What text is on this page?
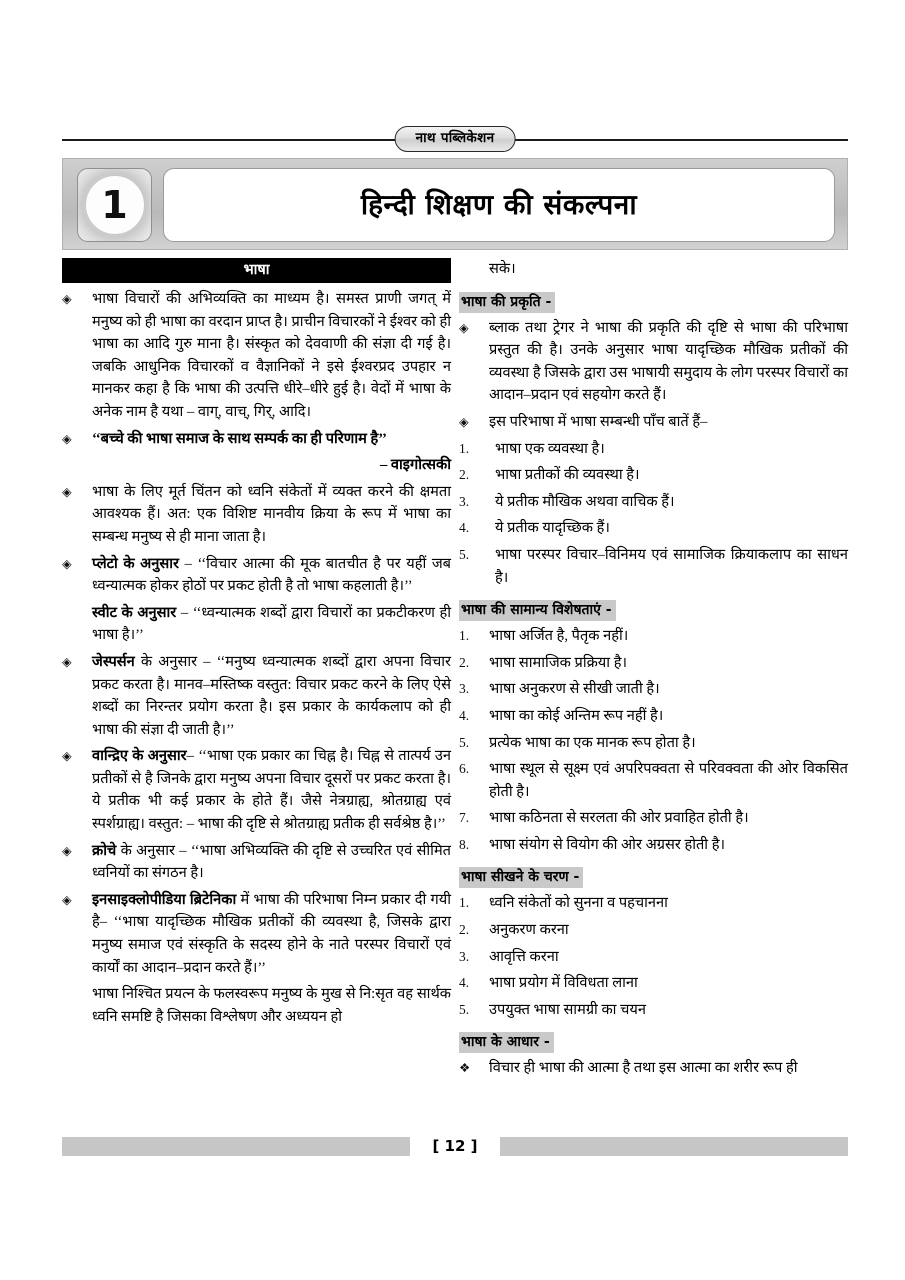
नाथ पब्लिकेशन
1	हिन्दी शिक्षण की संकल्पना
भाषा
◈	भाषा विचारों की अभिव्यक्ति का माध्यम है। समस्त प्राणी जगत् में मनुष्य को ही भाषा का वरदान प्राप्त है। प्राचीन विचारकों ने ईश्वर को ही भाषा का आदि गुरु माना है। संस्कृत को देववाणी की संज्ञा दी गई है। जबकि आधुनिक विचारकों व वैज्ञानिकों ने इसे ईश्वरप्रद उपहार न मानकर कहा है कि भाषा की उत्पत्ति धीरे–धीरे हुई है। वेदों में भाषा के अनेक नाम है यथा – वाग्, वाच्, गिर्, आदि।
◈	‘‘बच्चे की भाषा समाज के साथ सम्पर्क का ही परिणाम है’’
– वाइगोत्सकी
◈	भाषा के लिए मूर्त चिंतन को ध्वनि संकेतों में व्यक्त करने की क्षमता आवश्यक हैं। अत: एक विशिष्ट मानवीय क्रिया के रूप में भाषा का सम्बन्ध मनुष्य से ही माना जाता है।
◈	प्लेटो के अनुसार – ‘‘विचार आत्मा की मूक बातचीत है पर यहीं जब ध्वन्यात्मक होकर होठों पर प्रकट होती है तो भाषा कहलाती है।’’
स्वीट के अनुसार – ‘‘ध्वन्यात्मक शब्दों द्वारा विचारों का प्रकटीकरण ही भाषा है।’’
◈	जेस्पर्सन के अनुसार – ‘‘मनुष्य ध्वन्यात्मक शब्दों द्वारा अपना विचार प्रकट करता है। मानव–मस्तिष्क वस्तुत: विचार प्रकट करने के लिए ऐसे शब्दों का निरन्तर प्रयोग करता है। इस प्रकार के कार्यकलाप को ही भाषा की संज्ञा दी जाती है।’’
◈	वान्द्रिए के अनुसार– ‘‘भाषा एक प्रकार का चिह्न है। चिह्न से तात्पर्य उन प्रतीकों से है जिनके द्वारा मनुष्य अपना विचार दूसरों पर प्रकट करता है। ये प्रतीक भी कई प्रकार के होते हैं। जैसे नेत्रग्राह्य, श्रोतग्राह्य एवं स्पर्शग्राह्य। वस्तुत: – भाषा की दृष्टि से श्रोतग्राह्य प्रतीक ही सर्वश्रेष्ठ है।’’
◈	क्रोचे के अनुसार – ‘‘भाषा अभिव्यक्ति की दृष्टि से उच्चरित एवं सीमित ध्वनियों का संगठन है।
◈	इनसाइक्लोपीडिया ब्रिटेनिका में भाषा की परिभाषा निम्न प्रकार दी गयी है– ‘‘भाषा यादृच्छिक मौखिक प्रतीकों की व्यवस्था है, जिसके द्वारा मनुष्य समाज एवं संस्कृति के सदस्य होने के नाते परस्पर विचारों एवं कार्यों का आदान–प्रदान करते हैं।’’
भाषा निश्चित प्रयत्न के फलस्वरूप मनुष्य के मुख से नि:सृत वह सार्थक ध्वनि समष्टि है जिसका विश्लेषण और अध्ययन हो
सके।
भाषा की प्रकृति -
◈	ब्लाक तथा ट्रेगर ने भाषा की प्रकृति की दृष्टि से भाषा की परिभाषा प्रस्तुत की है। उनके अनुसार भाषा यादृच्छिक मौखिक प्रतीकों की व्यवस्था है जिसके द्वारा उस भाषायी समुदाय के लोग परस्पर विचारों का आदान–प्रदान एवं सहयोग करते हैं।
◈	इस परिभाषा में भाषा सम्बन्धी पाँच बातें हैं–
1.	भाषा एक व्यवस्था है।
2.	भाषा प्रतीकों की व्यवस्था है।
3.	ये प्रतीक मौखिक अथवा वाचिक हैं।
4.	ये प्रतीक यादृच्छिक हैं।
5.	भाषा परस्पर विचार–विनिमय एवं सामाजिक क्रियाकलाप का साधन है।
भाषा की सामान्य विशेषताएं -
1.	भाषा अर्जित है, पैतृक नहीं।
2.	भाषा सामाजिक प्रक्रिया है।
3.	भाषा अनुकरण से सीखी जाती है।
4.	भाषा का कोई अन्तिम रूप नहीं है।
5.	प्रत्येक भाषा का एक मानक रूप होता है।
6.	भाषा स्थूल से सूक्ष्म एवं अपरिपक्वता से परिवक्वता की ओर विकसित होती है।
7.	भाषा कठिनता से सरलता की ओर प्रवाहित होती है।
8.	भाषा संयोग से वियोग की ओर अग्रसर होती है।
भाषा सीखने के चरण -
1.	ध्वनि संकेतों को सुनना व पहचानना
2.	अनुकरण करना
3.	आवृत्ति करना
4.	भाषा प्रयोग में विविधता लाना
5.	उपयुक्त भाषा सामग्री का चयन
भाषा के आधार -
❖	विचार ही भाषा की आत्मा है तथा इस आत्मा का शरीर रूप ही
[ 12 ]
